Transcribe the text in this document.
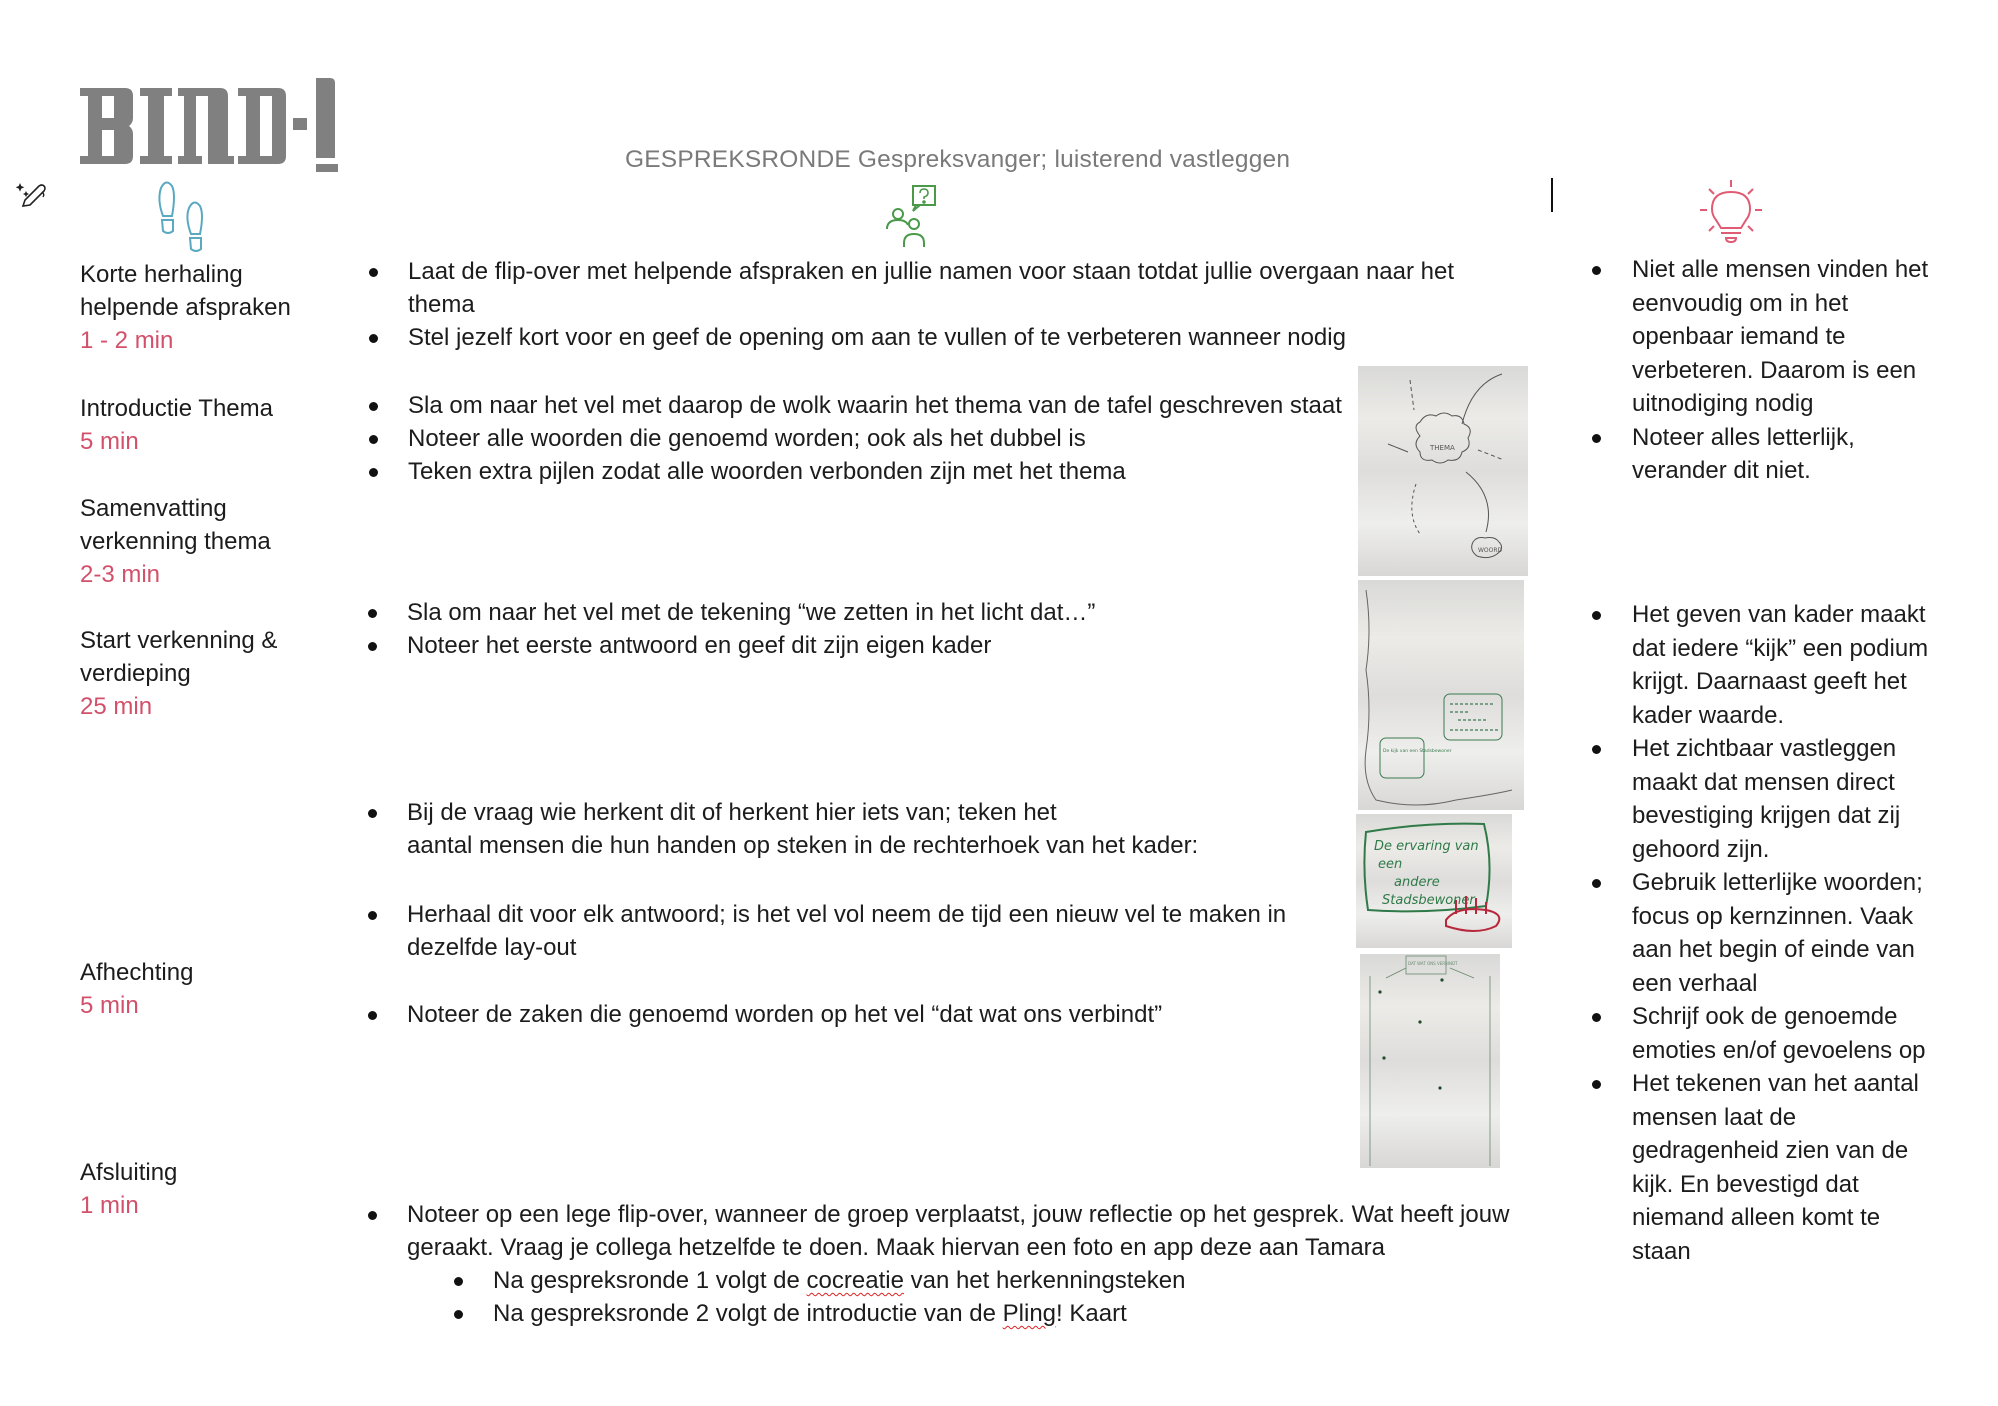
GESPREKSRONDE Gespreksvanger; luisterend vastleggen
Korte herhaling
helpende afspraken
1 - 2 min
Introductie Thema
5 min
Samenvatting
verkenning thema
2-3 min
Start verkenning &
verdieping
25 min
Afhechting
5 min
Afsluiting
1 min
Laat de flip-over met helpende afspraken en jullie namen voor staan totdat jullie overgaan naar het
thema
Stel jezelf kort voor en geef de opening om aan te vullen of te verbeteren wanneer nodig
Sla om naar het vel met daarop de wolk waarin het thema van de tafel geschreven staat
Noteer alle woorden die genoemd worden; ook als het dubbel is
Teken extra pijlen zodat alle woorden verbonden zijn met het thema
Sla om naar het vel met de tekening “we zetten in het licht dat…”
Noteer het eerste antwoord en geef dit zijn eigen kader
Bij de vraag wie herkent dit of herkent hier iets van; teken het
aantal mensen die hun handen op steken in de rechterhoek van het kader:
Herhaal dit voor elk antwoord; is het vel vol neem de tijd een nieuw vel te maken in
dezelfde lay-out
Noteer de zaken die genoemd worden op het vel “dat wat ons verbindt”
Noteer op een lege flip-over, wanneer de groep verplaatst, jouw reflectie op het gesprek. Wat heeft jouw
geraakt. Vraag je collega hetzelfde te doen. Maak hiervan een foto en app deze aan Tamara
Na gespreksronde 1 volgt de cocreatie van het herkenningsteken
Na gespreksronde 2 volgt de introductie van de Pling! Kaart
THEMA
WOORD
De kijk van een Stadsbewoner
De ervaring van
een
andere
Stadsbewoner
DAT WAT ONS VERBINDT
Niet alle mensen vinden het eenvoudig om in het openbaar iemand te verbeteren. Daarom is een uitnodiging nodig
Noteer alles letterlijk, verander dit niet.
Het geven van kader maakt dat iedere “kijk” een podium krijgt. Daarnaast geeft het kader waarde.
Het zichtbaar vastleggen maakt dat mensen direct bevestiging krijgen dat zij gehoord zijn.
Gebruik letterlijke woorden; focus op kernzinnen. Vaak aan het begin of einde van een verhaal
Schrijf ook de genoemde emoties en/of gevoelens op
Het tekenen van het aantal mensen laat de gedragenheid zien van de kijk. En bevestigd dat niemand alleen komt te staan
